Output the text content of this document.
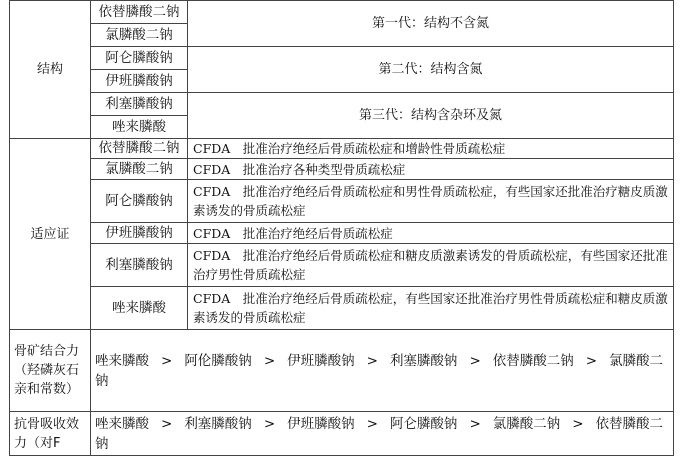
结构	依替膦酸二钠	第一代：结构不含氮
	氯膦酸二钠	
	阿仑膦酸钠	第二代：结构含氮
	伊班膦酸钠	
	利塞膦酸钠	第三代：结构含杂环及氮
	唑来膦酸	
适应证	依替膦酸二钠	CFDA　批准治疗绝经后骨质疏松症和增龄性骨质疏松症
	氯膦酸二钠	CFDA　批准治疗各种类型骨质疏松症
	阿仑膦酸钠	CFDA　批准治疗绝经后骨质疏松症和男性骨质疏松症，有些国家还批准治疗糖皮质激素诱发的骨质疏松症
	伊班膦酸钠	CFDA　批准治疗绝经后骨质疏松症
	利塞膦酸钠	CFDA　批准治疗绝经后骨质疏松症和糖皮质激素诱发的骨质疏松症，有些国家还批准治疗男性骨质疏松症
	唑来膦酸	CFDA　批准治疗绝经后骨质疏松症，有些国家还批准治疗男性骨质疏松症和糖皮质激素诱发的骨质疏松症
骨矿结合力（羟磷灰石亲和常数）	唑来膦酸 > 阿伦膦酸钠 > 伊班膦酸钠 > 利塞膦酸钠 > 依替膦酸二钠 > 氯膦酸二钠	
抗骨吸收效力（对F	唑来膦酸 > 利塞膦酸钠 > 伊班膦酸钠 > 阿仑膦酸钠 > 氯膦酸二钠 > 依替膦酸二钠	
